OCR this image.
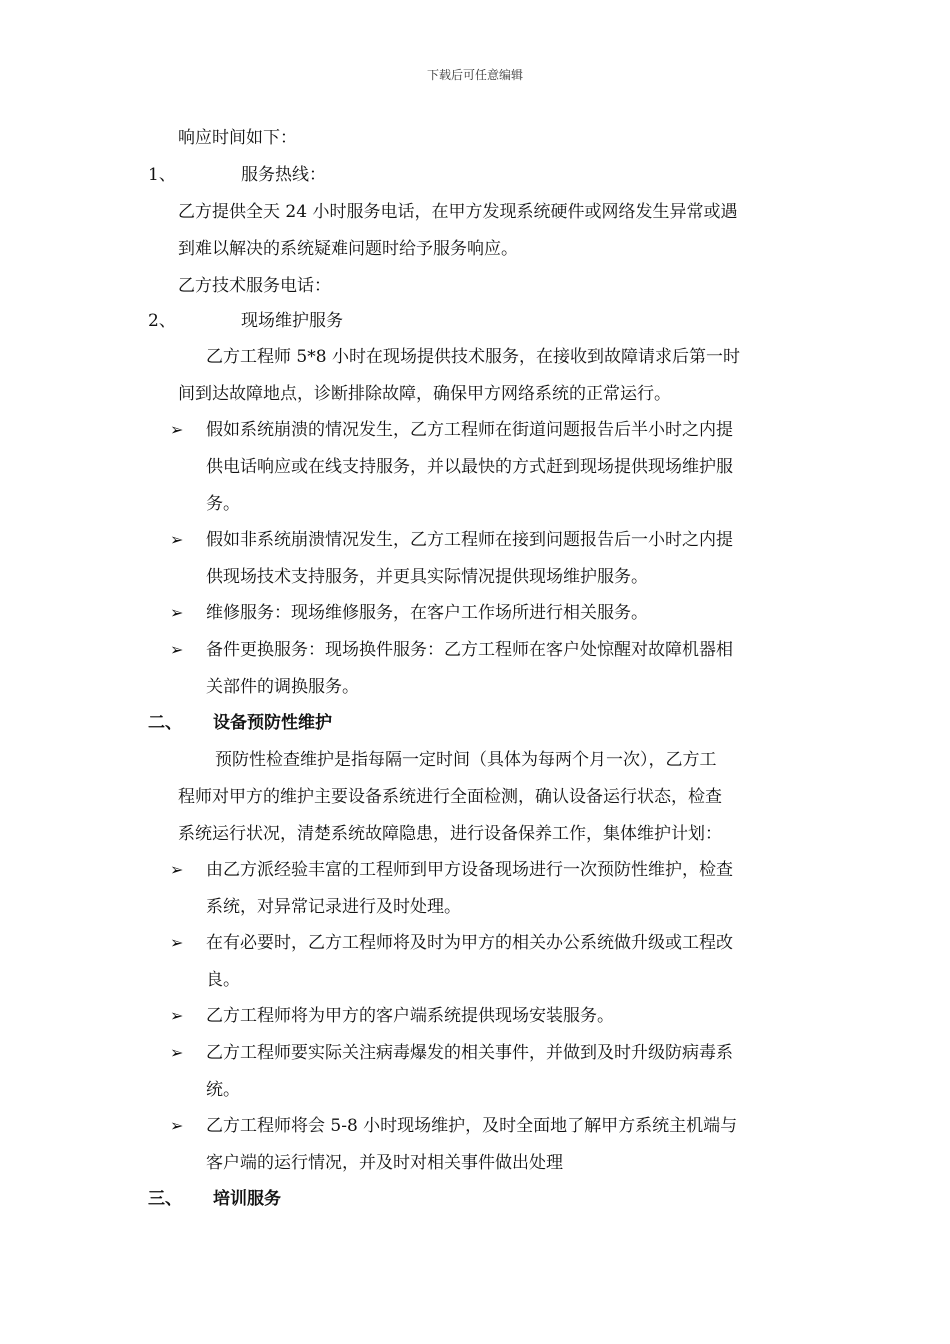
下载后可任意编辑
响应时间如下：
1、	服务热线：
乙方提供全天 24 小时服务电话，在甲方发现系统硬件或网络发生异常或遇
到难以解决的系统疑难问题时给予服务响应。
乙方技术服务电话：
2、	现场维护服务
乙方工程师 5*8 小时在现场提供技术服务，在接收到故障请求后第一时
间到达故障地点，诊断排除故障，确保甲方网络系统的正常运行。
➢ 假如系统崩溃的情况发生，乙方工程师在街道问题报告后半小时之内提
供电话响应或在线支持服务，并以最快的方式赶到现场提供现场维护服
务。
➢ 假如非系统崩溃情况发生，乙方工程师在接到问题报告后一小时之内提
供现场技术支持服务，并更具实际情况提供现场维护服务。
➢ 维修服务：现场维修服务，在客户工作场所进行相关服务。
➢ 备件更换服务：现场换件服务：乙方工程师在客户处惊醒对故障机器相
关部件的调换服务。
二、 设备预防性维护
预防性检查维护是指每隔一定时间（具体为每两个月一次），乙方工
程师对甲方的维护主要设备系统进行全面检测，确认设备运行状态，检查
系统运行状况，清楚系统故障隐患，进行设备保养工作，集体维护计划：
➢ 由乙方派经验丰富的工程师到甲方设备现场进行一次预防性维护，检查
系统，对异常记录进行及时处理。
➢ 在有必要时，乙方工程师将及时为甲方的相关办公系统做升级或工程改
良。
➢ 乙方工程师将为甲方的客户端系统提供现场安装服务。
➢ 乙方工程师要实际关注病毒爆发的相关事件，并做到及时升级防病毒系
统。
➢ 乙方工程师将会 5-8 小时现场维护，及时全面地了解甲方系统主机端与
客户端的运行情况，并及时对相关事件做出处理
三、 培训服务
